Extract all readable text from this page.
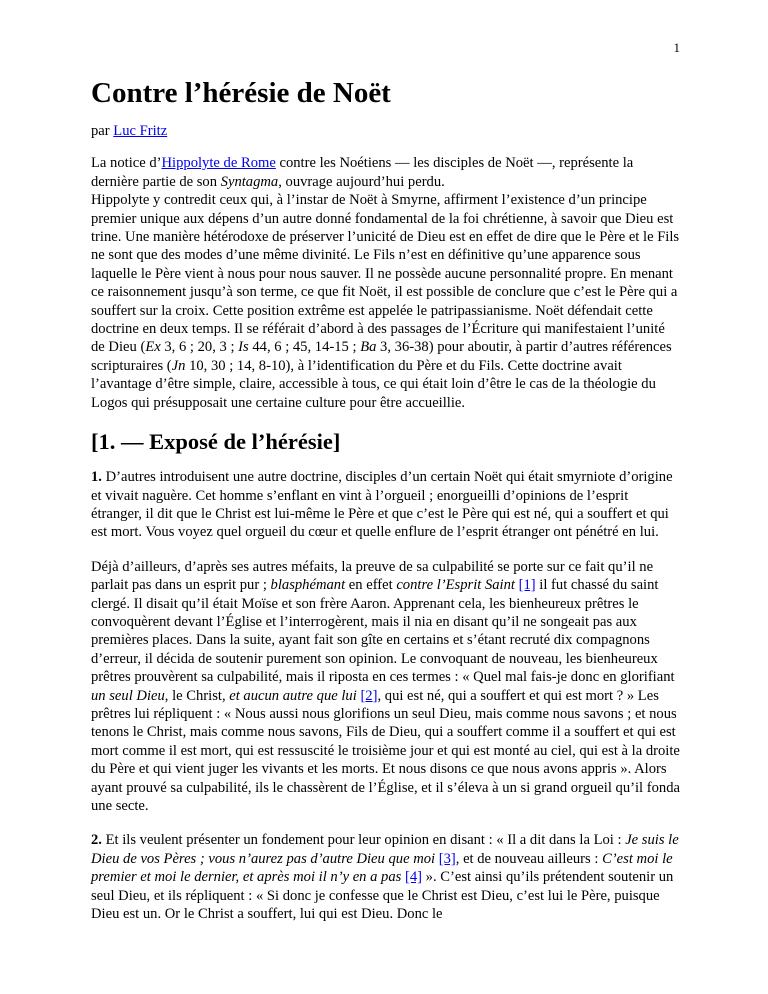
1
Contre l’hérésie de Noët

par Luc Fritz

La notice d’Hippolyte de Rome contre les Noétiens — les disciples de Noët —, représente la dernière partie de son Syntagma, ouvrage aujourd’hui perdu.

Hippolyte y contredit ceux qui, à l’instar de Noët à Smyrne, affirment l’existence d’un principe premier unique aux dépens d’un autre donné fondamental de la foi chrétienne, à savoir que Dieu est trine. Une manière hétérodoxe de préserver l’unicité de Dieu est en effet de dire que le Père et le Fils ne sont que des modes d’une même divinité. Le Fils n’est en définitive qu’une apparence sous laquelle le Père vient à nous pour nous sauver. Il ne possède aucune personnalité propre. En menant ce raisonnement jusqu’à son terme, ce que fit Noët, il est possible de conclure que c’est le Père qui a souffert sur la croix. Cette position extrême est appelée le patripassianisme. Noët défendait cette doctrine en deux temps. Il se référait d’abord à des passages de l’Écriture qui manifestaient l’unité de Dieu (Ex 3, 6 ; 20, 3 ; Is 44, 6 ; 45, 14-15 ; Ba 3, 36-38) pour aboutir, à partir d’autres références scripturaires (Jn 10, 30 ; 14, 8-10), à l’identification du Père et du Fils. Cette doctrine avait l’avantage d’être simple, claire, accessible à tous, ce qui était loin d’être le cas de la théologie du Logos qui présupposait une certaine culture pour être accueillie.

[1. — Exposé de l’hérésie]

1. D’autres introduisent une autre doctrine, disciples d’un certain Noët qui était smyrniote d’origine et vivait naguère. Cet homme s’enflant en vint à l’orgueil ; enorgueilli d’opinions de l’esprit étranger, il dit que le Christ est lui-même le Père et que c’est le Père qui est né, qui a souffert et qui est mort. Vous voyez quel orgueil du cœur et quelle enflure de l’esprit étranger ont pénétré en lui.

Déjà d’ailleurs, d’après ses autres méfaits, la preuve de sa culpabilité se porte sur ce fait qu’il ne parlait pas dans un esprit pur ; blasphémant en effet contre l’Esprit Saint [1] il fut chassé du saint clergé. Il disait qu’il était Moïse et son frère Aaron. Apprenant cela, les bienheureux prêtres le convoquèrent devant l’Église et l’interrogèrent, mais il nia en disant qu’il ne songeait pas aux premières places. Dans la suite, ayant fait son gîte en certains et s’étant recruté dix compagnons d’erreur, il décida de soutenir purement son opinion. Le convoquant de nouveau, les bienheureux prêtres prouvèrent sa culpabilité, mais il riposta en ces termes : « Quel mal fais-je donc en glorifiant un seul Dieu, le Christ, et aucun autre que lui [2], qui est né, qui a souffert et qui est mort ? » Les prêtres lui répliquent : « Nous aussi nous glorifions un seul Dieu, mais comme nous savons ; et nous tenons le Christ, mais comme nous savons, Fils de Dieu, qui a souffert comme il a souffert et qui est mort comme il est mort, qui est ressuscité le troisième jour et qui est monté au ciel, qui est à la droite du Père et qui vient juger les vivants et les morts. Et nous disons ce que nous avons appris ». Alors ayant prouvé sa culpabilité, ils le chassèrent de l’Église, et il s’éleva à un si grand orgueil qu’il fonda une secte.

2. Et ils veulent présenter un fondement pour leur opinion en disant : « Il a dit dans la Loi : Je suis le Dieu de vos Pères ; vous n’aurez pas d’autre Dieu que moi [3], et de nouveau ailleurs : C’est moi le premier et moi le dernier, et après moi il n’y en a pas [4] ». C’est ainsi qu’ils prétendent soutenir un seul Dieu, et ils répliquent : « Si donc je confesse que le Christ est Dieu, c’est lui le Père, puisque Dieu est un. Or le Christ a souffert, lui qui est Dieu. Donc le
